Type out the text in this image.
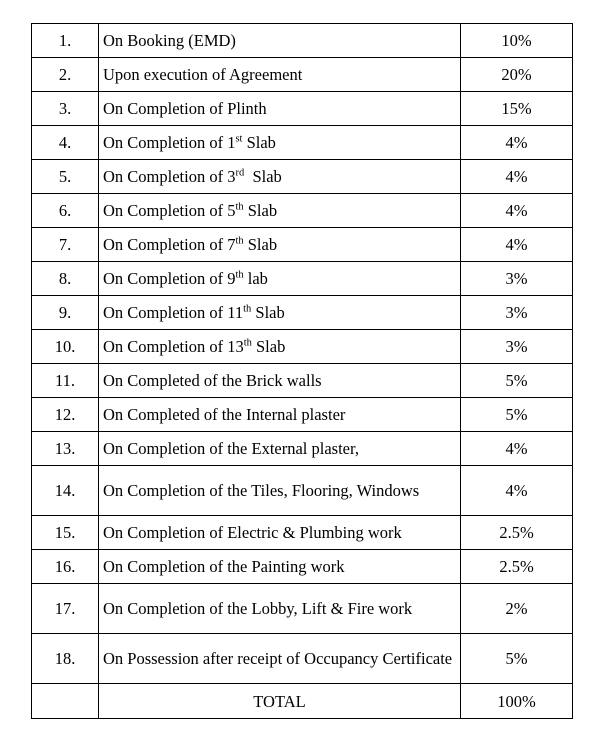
1.	On Booking (EMD)	10%
2.	Upon execution of Agreement	20%
3.	On Completion of Plinth	15%
4.	On Completion of 1st Slab	4%
5.	On Completion of 3rd  Slab	4%
6.	On Completion of 5th Slab	4%
7.	On Completion of 7th Slab	4%
8.	On Completion of 9th lab	3%
9.	On Completion of 11th Slab	3%
10.	On Completion of 13th Slab	3%
11.	On Completed of the Brick walls	5%
12.	On Completed of the Internal plaster	5%
13.	On Completion of the External plaster,	4%
14.	On Completion of the Tiles, Flooring, Windows	4%
15.	On Completion of Electric & Plumbing work	2.5%
16.	On Completion of the Painting work	2.5%
17.	On Completion of the Lobby, Lift & Fire work	2%
18.	On Possession after receipt of Occupancy Certificate	5%
	TOTAL	100%
